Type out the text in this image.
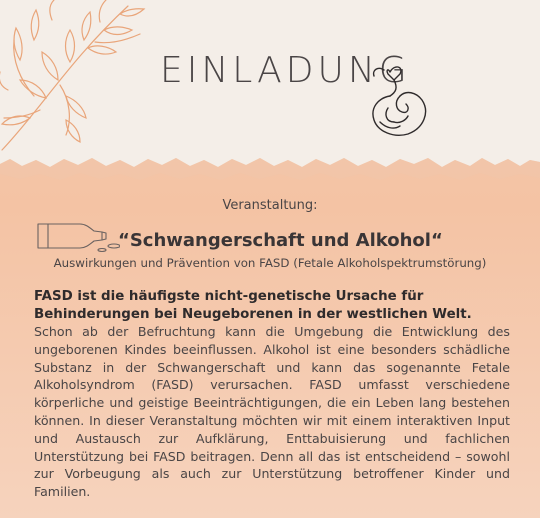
EINLADUNG
Veranstaltung:
“Schwangerschaft und Alkohol“
Auswirkungen und Prävention von FASD (Fetale Alkoholspektrumstörung)
FASD ist die häufigste nicht-genetische Ursache für Behinderungen bei Neugeborenen in der westlichen Welt.
Schon ab der Befruchtung kann die Umgebung die Entwicklung des ungeborenen Kindes beeinflussen. Alkohol ist eine besonders schädliche Substanz in der Schwangerschaft und kann das sogenannte Fetale Alkoholsyndrom (FASD) verursachen. FASD umfasst verschiedene körperliche und geistige Beeinträchtigungen, die ein Leben lang bestehen können. In dieser Veranstaltung möchten wir mit einem interaktiven Input und Austausch zur Aufklärung, Enttabuisierung und fachlichen Unterstützung bei FASD beitragen. Denn all das ist entscheidend – sowohl zur Vorbeugung als auch zur Unterstützung betroffener Kinder und Familien.
